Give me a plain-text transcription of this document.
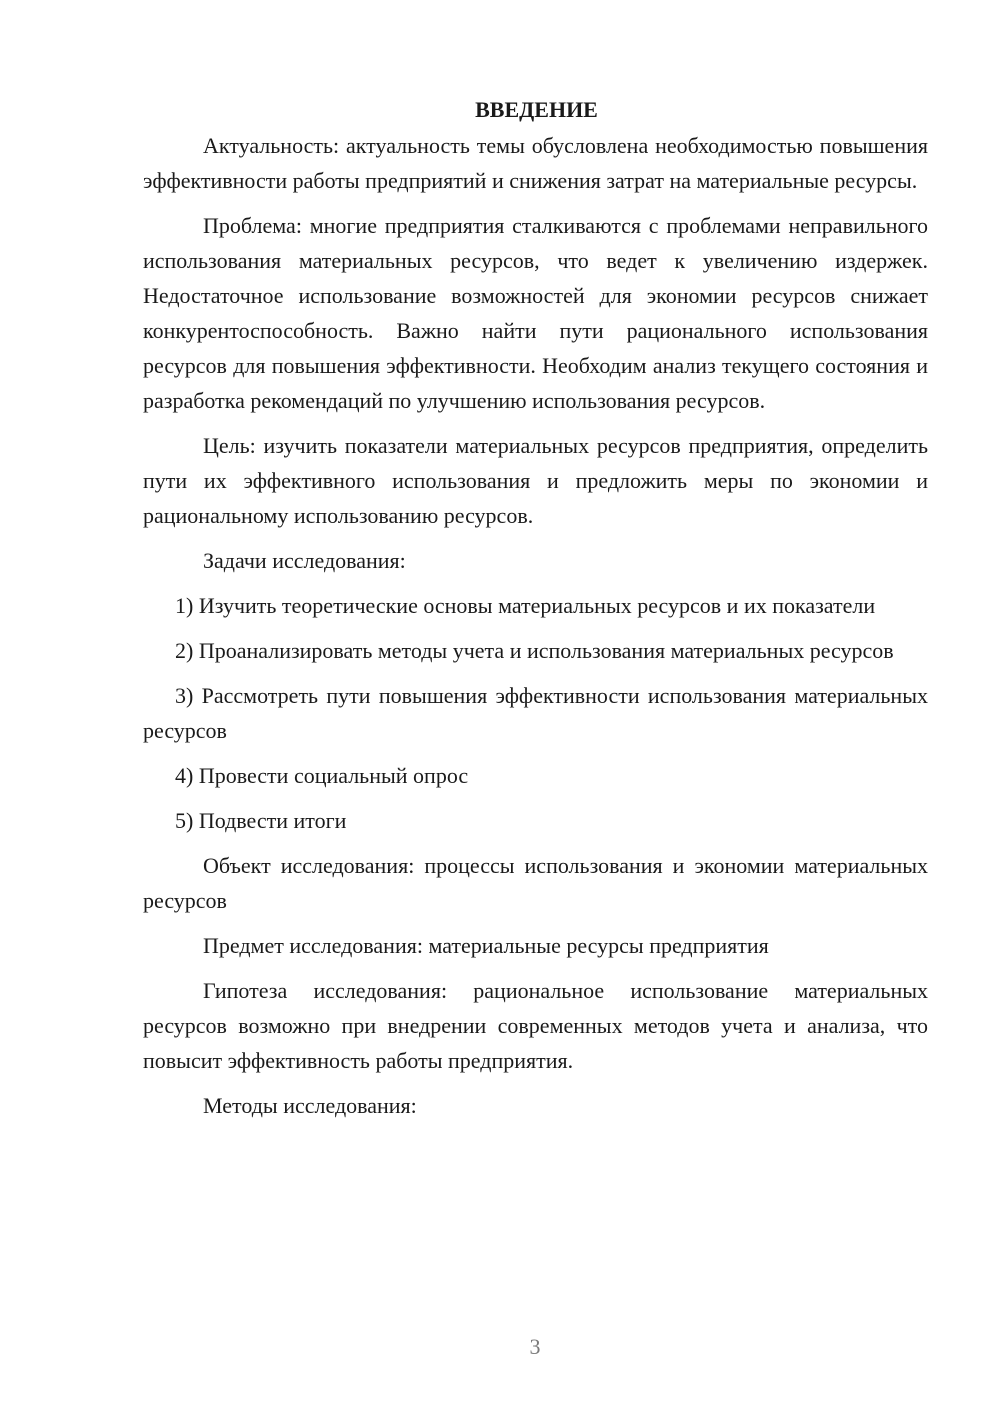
ВВЕДЕНИЕ

Актуальность: актуальность темы обусловлена необходимостью повышения эффективности работы предприятий и снижения затрат на материальные ресурсы.

Проблема: многие предприятия сталкиваются с проблемами неправильного использования материальных ресурсов, что ведет к увеличению издержек. Недостаточное использование возможностей для экономии ресурсов снижает конкурентоспособность. Важно найти пути рационального использования ресурсов для повышения эффективности. Необходим анализ текущего состояния и разработка рекомендаций по улучшению использования ресурсов.

Цель: изучить показатели материальных ресурсов предприятия, определить пути их эффективного использования и предложить меры по экономии и рациональному использованию ресурсов.

Задачи исследования:

1) Изучить теоретические основы материальных ресурсов и их показатели

2) Проанализировать методы учета и использования материальных ресурсов

3) Рассмотреть пути повышения эффективности использования материальных ресурсов

4) Провести социальный опрос

5) Подвести итоги

Объект исследования: процессы использования и экономии материальных ресурсов

Предмет исследования: материальные ресурсы предприятия

Гипотеза исследования: рациональное использование материальных ресурсов возможно при внедрении современных методов учета и анализа, что повысит эффективность работы предприятия.

Методы исследования:

3
